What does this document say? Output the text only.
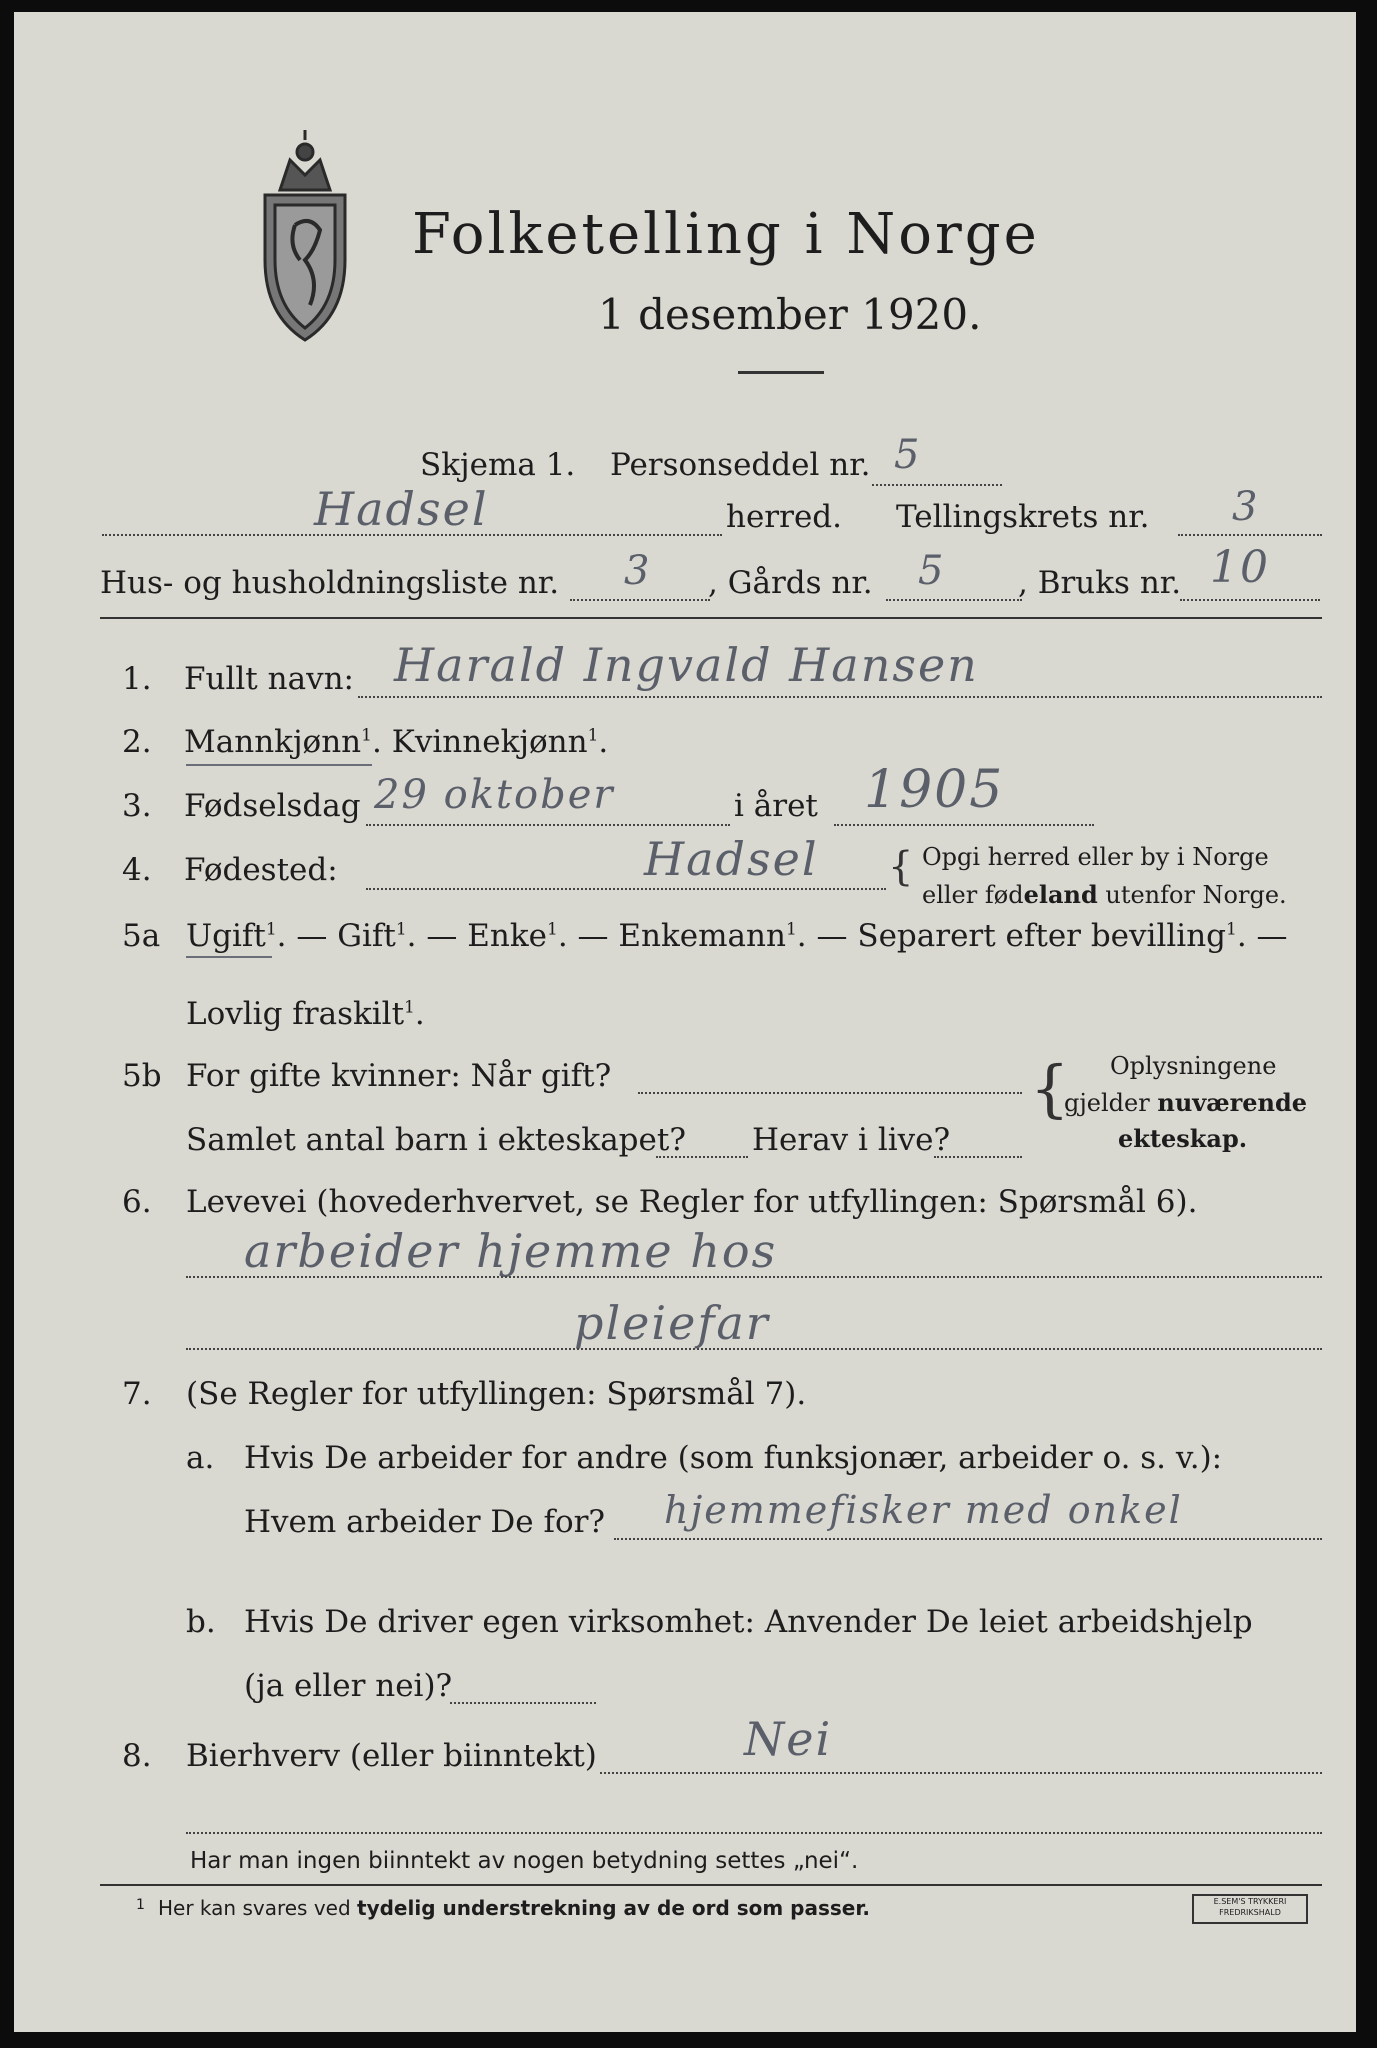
Folketelling i Norge
1 desember 1920.
Skjema 1. Personseddel nr. 5
Hadsel	herred. Tellingskrets nr. 3
Hus- og husholdningsliste nr. 3 , Gårds nr. 5 , Bruks nr. 10
1. Fullt navn: Harald Ingvald Hansen
2. Mannkjønn$^1$. Kvinnekjønn$^1$.
3. Fødselsdag 29 oktober	i året 1905
4. Fødested:	Hadsel { Opgi herred eller by i Norge
eller fødeland utenfor Norge.
5a Ugift$^1$. — Gift$^1$. — Enke$^1$. — Enkemann$^1$. — Separert efter bevilling$^1$. —
Lovlig fraskilt$^1$.
5b For gifte kvinner: Når gift?
Samlet antal barn i ekteskapet? Herav i live?
{ Oplysningene
gjelder nuværende
ekteskap.
6. Levevei (hovederhvervet, se Regler for utfyllingen: Spørsmål 6).
arbeider hjemme hos
pleiefar
7. (Se Regler for utfyllingen: Spørsmål 7).
a. Hvis De arbeider for andre (som funksjonær, arbeider o. s. v.):
Hvem arbeider De for? hjemmefisker med onkel
b. Hvis De driver egen virksomhet: Anvender De leiet arbeidshjelp
(ja eller nei)?
8. Bierhverv (eller biinntekt)	Nei
Har man ingen biinntekt av nogen betydning settes „nei“.
1 Her kan svares ved tydelig understrekning av de ord som passer.	E.SEM'S TRYKKERI
FREDRIKSHALD
